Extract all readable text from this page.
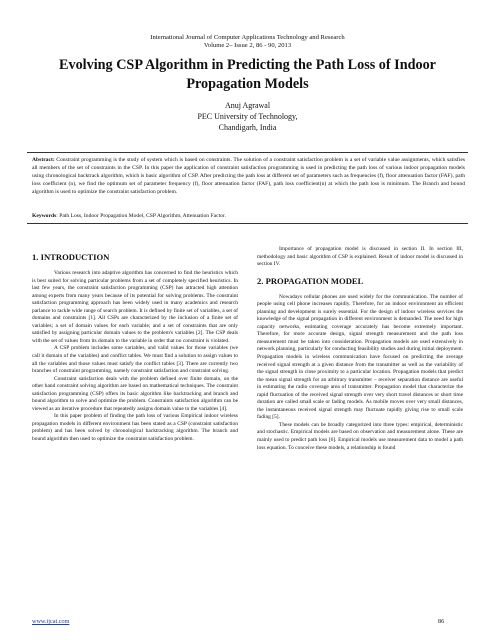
International Journal of Computer Applications Technology and Research
Volume 2– Issue 2, 86 - 90, 2013
Evolving CSP Algorithm in Predicting the Path Loss of Indoor Propagation Models
Anuj Agrawal
PEC University of Technology,
Chandigarh, India
Abstract: Constraint programming is the study of system which is based on constraints. The solution of a constraint satisfaction problem is a set of variable value assignments, which satisfies all members of the set of constraints in the CSP. In this paper the application of constraint satisfaction programming is used in predicting the path loss of various indoor propagation models using chronological backtrack algorithm, which is basic algorithm of CSP. After predicting the path loss at different set of parameters such as frequencies (f), floor attenuation factor (FAF), path loss coefficient (n), we find the optimum set of parameter frequency (f), floor attenuation factor (FAF), path loss coefficient(n) at which the path loss is minimum. The Branch and bound algorithm is used to optimize the constraint satisfaction problem.
Keywords: Path Loss, Indoor Propagation Model, CSP Algorithm, Attenuation Factor.
1. INTRODUCTION

Various research into adaptive algorithm has concerned to find the heuristics which is best suited for solving particular problems from a set of completely specified heuristics. In last few years, the constraint satisfaction programming (CSP) has attracted high attention among experts from many years because of its potential for solving problems. The constraint satisfaction programming approach has been widely used in many academics and research parlance to tackle wide range of search problem. It is defined by finite set of variables, a set of domains and constraints [1]. All CSPs are characterized by the inclusion of a finite set of variables; a set of domain values for each variable; and a set of constraints that are only satisfied by assigning particular domain values to the problem's variables [2]. The CSP deals with the set of values from its domain to the variable in order that no constraint is violated.

A CSP problem includes some variables, and valid values for those variables (we call it domain of the variables) and conflict tables. We must find a solution to assign values to all the variables and those values must satisfy the conflict tables [3]. There are currently two branches of constraint programming, namely constraint satisfaction and constraint solving.

Constraint satisfaction deals with the problem defined over finite domain, on the other hand constraint solving algorithm are based on mathematical techniques. The constraint satisfaction programming (CSP) offers its basic algorithm like backtracking and branch and bound algorithm to solve and optimize the problem. Constraints satisfaction algorithm can be viewed as an iterative procedure that repeatedly assigns domain value to the variables [4].

In this paper problem of finding the path loss of various Empirical indoor wireless propagation models in different environment has been stated as a CSP (constraint satisfaction problem) and has been solved by chronological backtracking algorithm. The branch and bound algorithm then used to optimize the constraint satisfaction problem.

Importance of propagation model is discussed in section II. In section III, methodology and basic algorithm of CSP is explained. Result of indoor model is discussed in section IV.

2. PROPAGATION MODEL

Nowadays cellular phones are used widely for the communication. The number of people using cell phone increases rapidly. Therefore, for an indoor environment an efficient planning and development is surely essential. For the design of indoor wireless services the knowledge of the signal propagation in different environment is demanded. The need for high capacity networks, estimating coverage accurately has become extremely important. Therefore, for more accurate design, signal strength measurement and the path loss measurement must be taken into consideration. Propagation models are used extensively in network planning, particularly for conducting feasibility studies and during initial deployment. Propagation models in wireless communication have focused on predicting the average received signal strength at a given distance from the transmitter as well as the variability of the signal strength in close proximity to a particular location. Propagation models that predict the mean signal strength for an arbitrary transmitter – receiver separation distance are useful in estimating the radio coverage area of transmitter. Propagation model that characterize the rapid fluctuation of the received signal strength over very short travel distances or short time duration are called small scale or fading models. As mobile moves over very small distances, the instantaneous received signal strength may fluctuate rapidly giving rise to small scale fading [5].

These models can be broadly categorized into three types: empirical, deterministic and stochastic. Empirical models are based on observation and measurement alone. These are mainly used to predict path loss [6]. Empirical models use measurement data to model a path loss equation. To conceive these models, a relationship is found

www.ijcat.com	86
